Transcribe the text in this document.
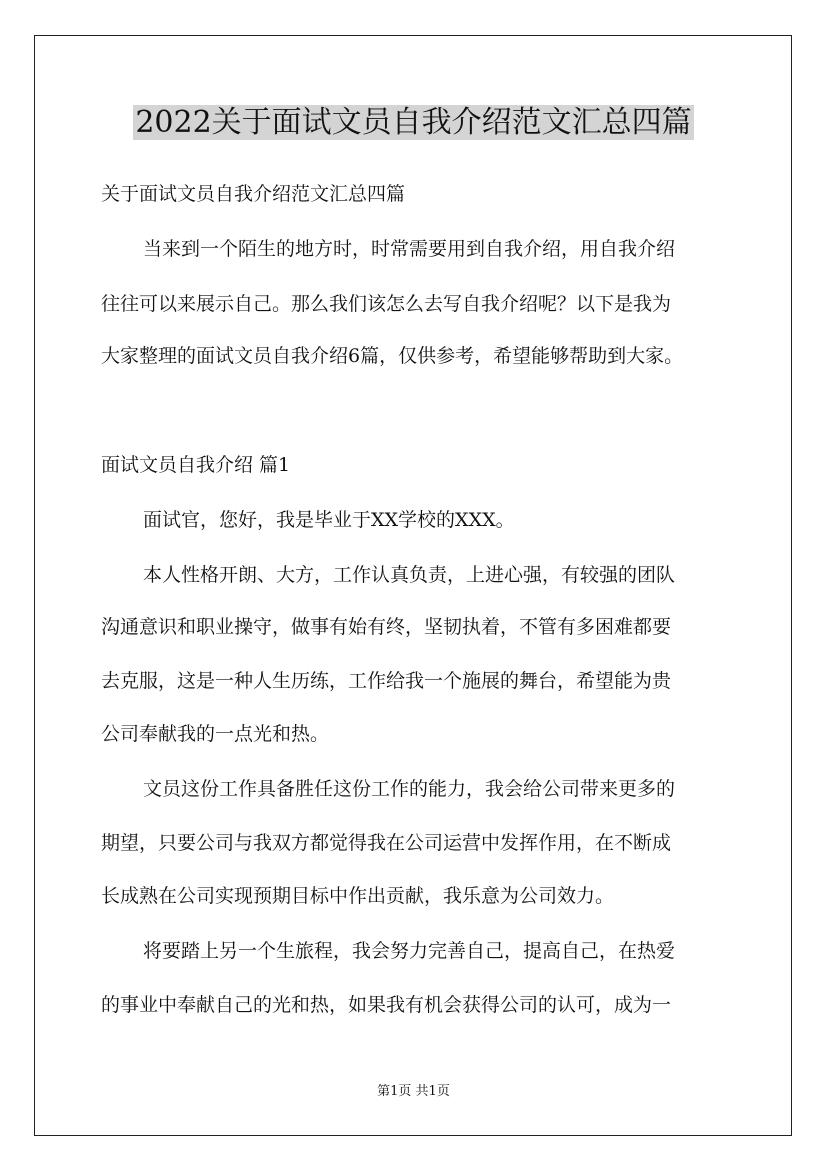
2022关于面试文员自我介绍范文汇总四篇

关于面试文员自我介绍范文汇总四篇

当来到一个陌生的地方时，时常需要用到自我介绍，用自我介绍

往往可以来展示自己。那么我们该怎么去写自我介绍呢？以下是我为

大家整理的面试文员自我介绍6篇，仅供参考，希望能够帮助到大家。

面试文员自我介绍 篇1

面试官，您好，我是毕业于XX学校的XXX。

本人性格开朗、大方，工作认真负责，上进心强，有较强的团队

沟通意识和职业操守，做事有始有终，坚韧执着，不管有多困难都要

去克服，这是一种人生历练，工作给我一个施展的舞台，希望能为贵

公司奉献我的一点光和热。

文员这份工作具备胜任这份工作的能力，我会给公司带来更多的

期望，只要公司与我双方都觉得我在公司运营中发挥作用，在不断成

长成熟在公司实现预期目标中作出贡献，我乐意为公司效力。

将要踏上另一个生旅程，我会努力完善自己，提高自己，在热爱

的事业中奉献自己的光和热，如果我有机会获得公司的认可，成为一

第1页 共1页
